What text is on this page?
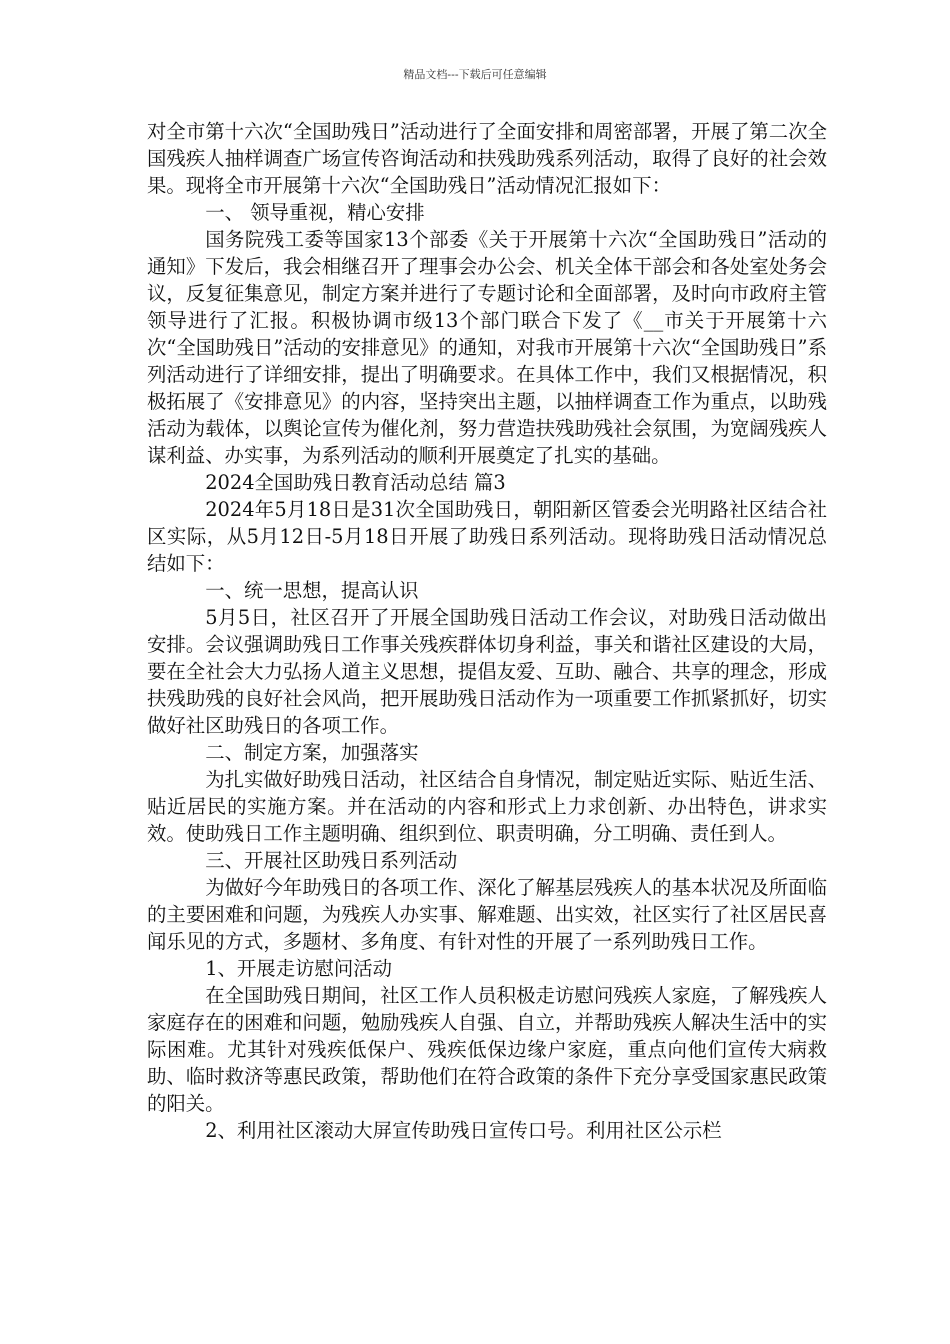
精品文档---下载后可任意编辑

对全市第十六次“全国助残日”活动进行了全面安排和周密部署，开展了第二次全国残疾人抽样调查广场宣传咨询活动和扶残助残系列活动，取得了良好的社会效果。现将全市开展第十六次“全国助残日”活动情况汇报如下：

一、 领导重视，精心安排

国务院残工委等国家13个部委《关于开展第十六次“全国助残日”活动的通知》下发后，我会相继召开了理事会办公会、机关全体干部会和各处室处务会议，反复征集意见，制定方案并进行了专题讨论和全面部署，及时向市政府主管领导进行了汇报。积极协调市级13个部门联合下发了《__市关于开展第十六次“全国助残日”活动的安排意见》的通知，对我市开展第十六次“全国助残日”系列活动进行了详细安排，提出了明确要求。在具体工作中，我们又根据情况，积极拓展了《安排意见》的内容，坚持突出主题，以抽样调查工作为重点，以助残活动为载体，以舆论宣传为催化剂，努力营造扶残助残社会氛围，为宽阔残疾人谋利益、办实事，为系列活动的顺利开展奠定了扎实的基础。

2024全国助残日教育活动总结 篇3

2024年5月18日是31次全国助残日，朝阳新区管委会光明路社区结合社区实际，从5月12日-5月18日开展了助残日系列活动。现将助残日活动情况总结如下：

一、统一思想，提高认识

5月5日，社区召开了开展全国助残日活动工作会议，对助残日活动做出安排。会议强调助残日工作事关残疾群体切身利益，事关和谐社区建设的大局，要在全社会大力弘扬人道主义思想，提倡友爱、互助、融合、共享的理念，形成扶残助残的良好社会风尚，把开展助残日活动作为一项重要工作抓紧抓好，切实做好社区助残日的各项工作。

二、制定方案，加强落实

为扎实做好助残日活动，社区结合自身情况，制定贴近实际、贴近生活、贴近居民的实施方案。并在活动的内容和形式上力求创新、办出特色，讲求实效。使助残日工作主题明确、组织到位、职责明确，分工明确、责任到人。

三、开展社区助残日系列活动

为做好今年助残日的各项工作、深化了解基层残疾人的基本状况及所面临的主要困难和问题，为残疾人办实事、解难题、出实效，社区实行了社区居民喜闻乐见的方式，多题材、多角度、有针对性的开展了一系列助残日工作。

1、开展走访慰问活动

在全国助残日期间，社区工作人员积极走访慰问残疾人家庭，了解残疾人家庭存在的困难和问题，勉励残疾人自强、自立，并帮助残疾人解决生活中的实际困难。尤其针对残疾低保户、残疾低保边缘户家庭，重点向他们宣传大病救助、临时救济等惠民政策，帮助他们在符合政策的条件下充分享受国家惠民政策的阳关。

2、利用社区滚动大屏宣传助残日宣传口号。利用社区公示栏
